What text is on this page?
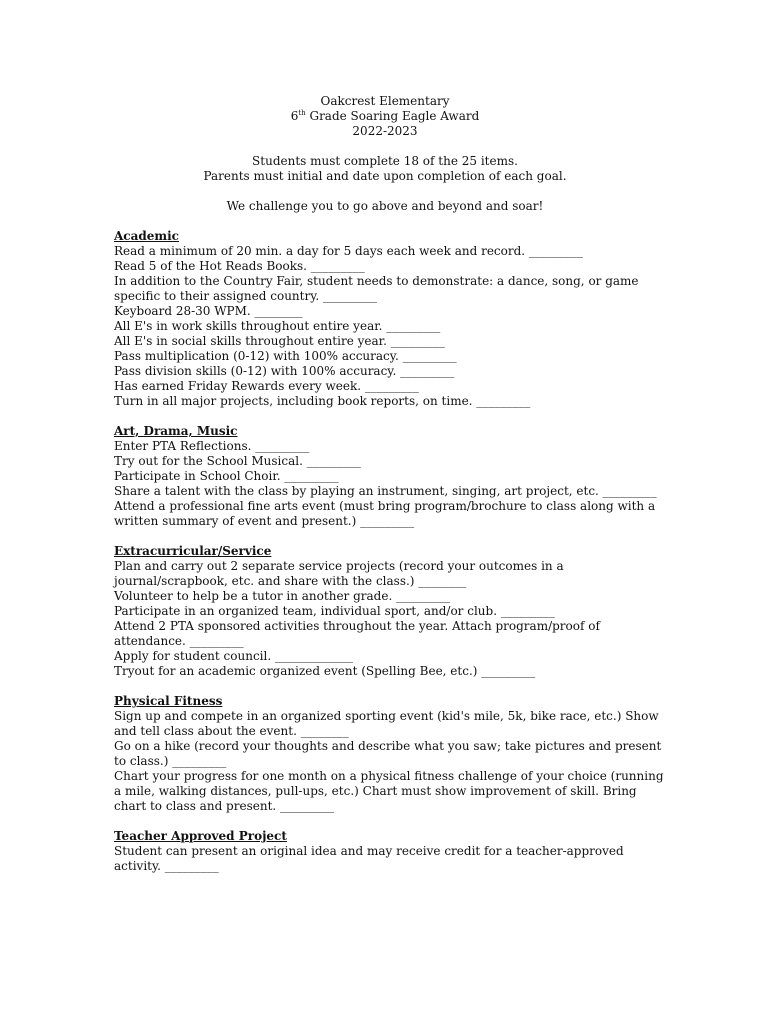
Oakcrest Elementary
6th Grade Soaring Eagle Award
2022-2023
Students must complete 18 of the 25 items.
Parents must initial and date upon completion of each goal.
We challenge you to go above and beyond and soar!
Academic
Read a minimum of 20 min. a day for 5 days each week and record. _________
Read 5 of the Hot Reads Books. _________
In addition to the Country Fair, student needs to demonstrate: a dance, song, or game
specific to their assigned country. _________
Keyboard 28-30 WPM. ________
All E's in work skills throughout entire year. _________
All E's in social skills throughout entire year. _________
Pass multiplication (0-12) with 100% accuracy. _________
Pass division skills (0-12) with 100% accuracy. _________
Has earned Friday Rewards every week. _________
Turn in all major projects, including book reports, on time. _________
Art, Drama, Music
Enter PTA Reflections. _________
Try out for the School Musical. _________
Participate in School Choir. _________
Share a talent with the class by playing an instrument, singing, art project, etc. _________
Attend a professional fine arts event (must bring program/brochure to class along with a
written summary of event and present.) _________
Extracurricular/Service
Plan and carry out 2 separate service projects (record your outcomes in a
journal/scrapbook, etc. and share with the class.) ________
Volunteer to help be a tutor in another grade. _________
Participate in an organized team, individual sport, and/or club. _________
Attend 2 PTA sponsored activities throughout the year. Attach program/proof of
attendance. _________
Apply for student council. _____________
Tryout for an academic organized event (Spelling Bee, etc.) _________
Physical Fitness
Sign up and compete in an organized sporting event (kid's mile, 5k, bike race, etc.) Show
and tell class about the event. ________
Go on a hike (record your thoughts and describe what you saw; take pictures and present
to class.) _________
Chart your progress for one month on a physical fitness challenge of your choice (running
a mile, walking distances, pull-ups, etc.) Chart must show improvement of skill. Bring
chart to class and present. _________
Teacher Approved Project
Student can present an original idea and may receive credit for a teacher-approved
activity. _________
